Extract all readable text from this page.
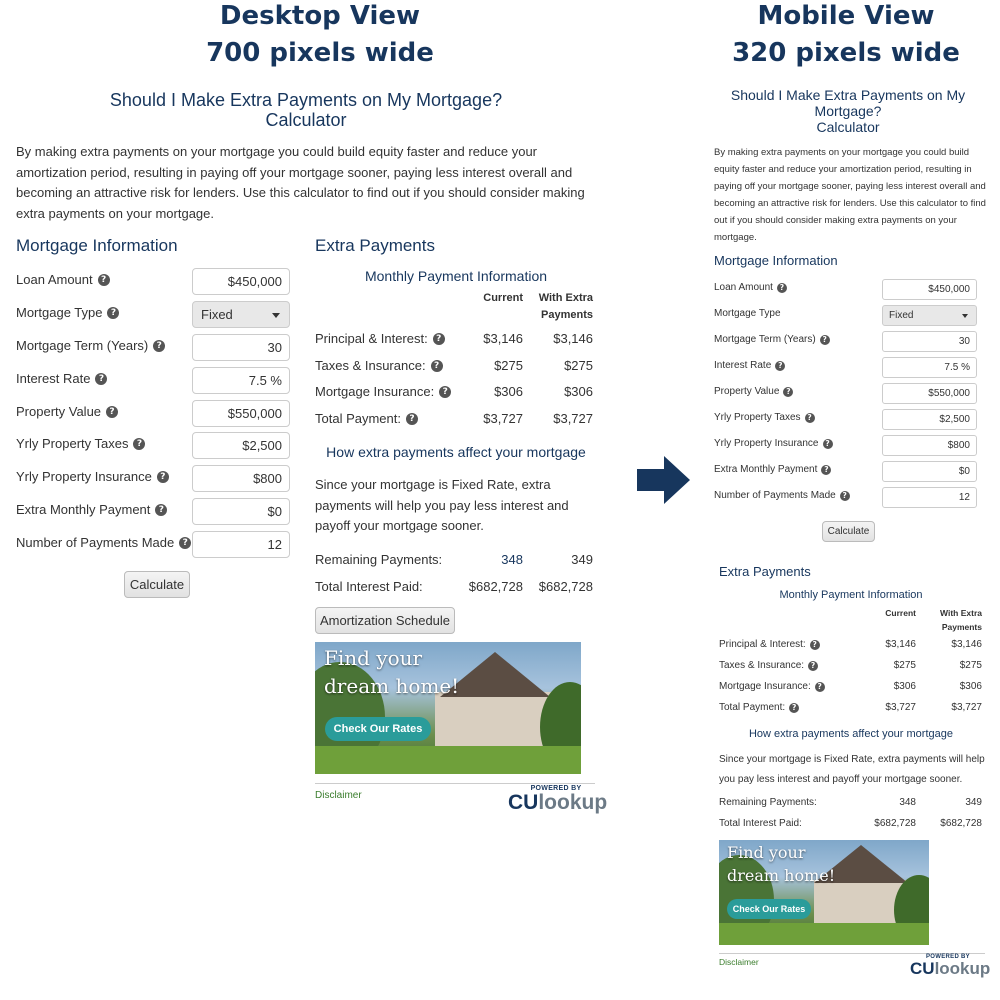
Desktop View
700 pixels wide
Mobile View
320 pixels wide
Should I Make Extra Payments on My Mortgage?
Calculator
By making extra payments on your mortgage you could build equity faster and reduce your amortization period, resulting in paying off your mortgage sooner, paying less interest overall and becoming an attractive risk for lenders. Use this calculator to find out if you should consider making extra payments on your mortgage.
Mortgage Information
Loan Amount ?	$450,000
Mortgage Type ?	Fixed
Mortgage Term (Years) ?	30
Interest Rate ?	7.5 %
Property Value ?	$550,000
Yrly Property Taxes ?	$2,500
Yrly Property Insurance ?	$800
Extra Monthly Payment ?	$0
Number of Payments Made ?	12
Calculate
Extra Payments
Monthly Payment Information
Current	With Extra
Payments
Principal & Interest: ?	$3,146	$3,146
Taxes & Insurance: ?	$275	$275
Mortgage Insurance: ?	$306	$306
Total Payment: ?	$3,727	$3,727
How extra payments affect your mortgage
Since your mortgage is Fixed Rate, extra payments will help you pay less interest and payoff your mortgage sooner.
Remaining Payments:	348	349
Total Interest Paid:	$682,728	$682,728
Amortization Schedule
Find your
dream home!
Check Our Rates
Disclaimer
POWERED BY
CUlookup
Should I Make Extra Payments on My
Mortgage?
Calculator
By making extra payments on your mortgage you could build equity faster and reduce your amortization period, resulting in paying off your mortgage sooner, paying less interest overall and becoming an attractive risk for lenders. Use this calculator to find out if you should consider making extra payments on your mortgage.
Mortgage Information
Loan Amount ?	$450,000
Mortgage Type	Fixed
Mortgage Term (Years) ?	30
Interest Rate ?	7.5 %
Property Value ?	$550,000
Yrly Property Taxes ?	$2,500
Yrly Property Insurance ?	$800
Extra Monthly Payment ?	$0
Number of Payments Made ?	12
Calculate
Extra Payments
Monthly Payment Information
Current	With Extra
Payments
Principal & Interest: ?	$3,146	$3,146
Taxes & Insurance: ?	$275	$275
Mortgage Insurance: ?	$306	$306
Total Payment: ?	$3,727	$3,727
How extra payments affect your mortgage
Since your mortgage is Fixed Rate, extra payments will help you pay less interest and payoff your mortgage sooner.
Remaining Payments:	348	349
Total Interest Paid:	$682,728	$682,728
Find your
dream home!
Check Our Rates
Disclaimer	POWERED BY
CUlookup
